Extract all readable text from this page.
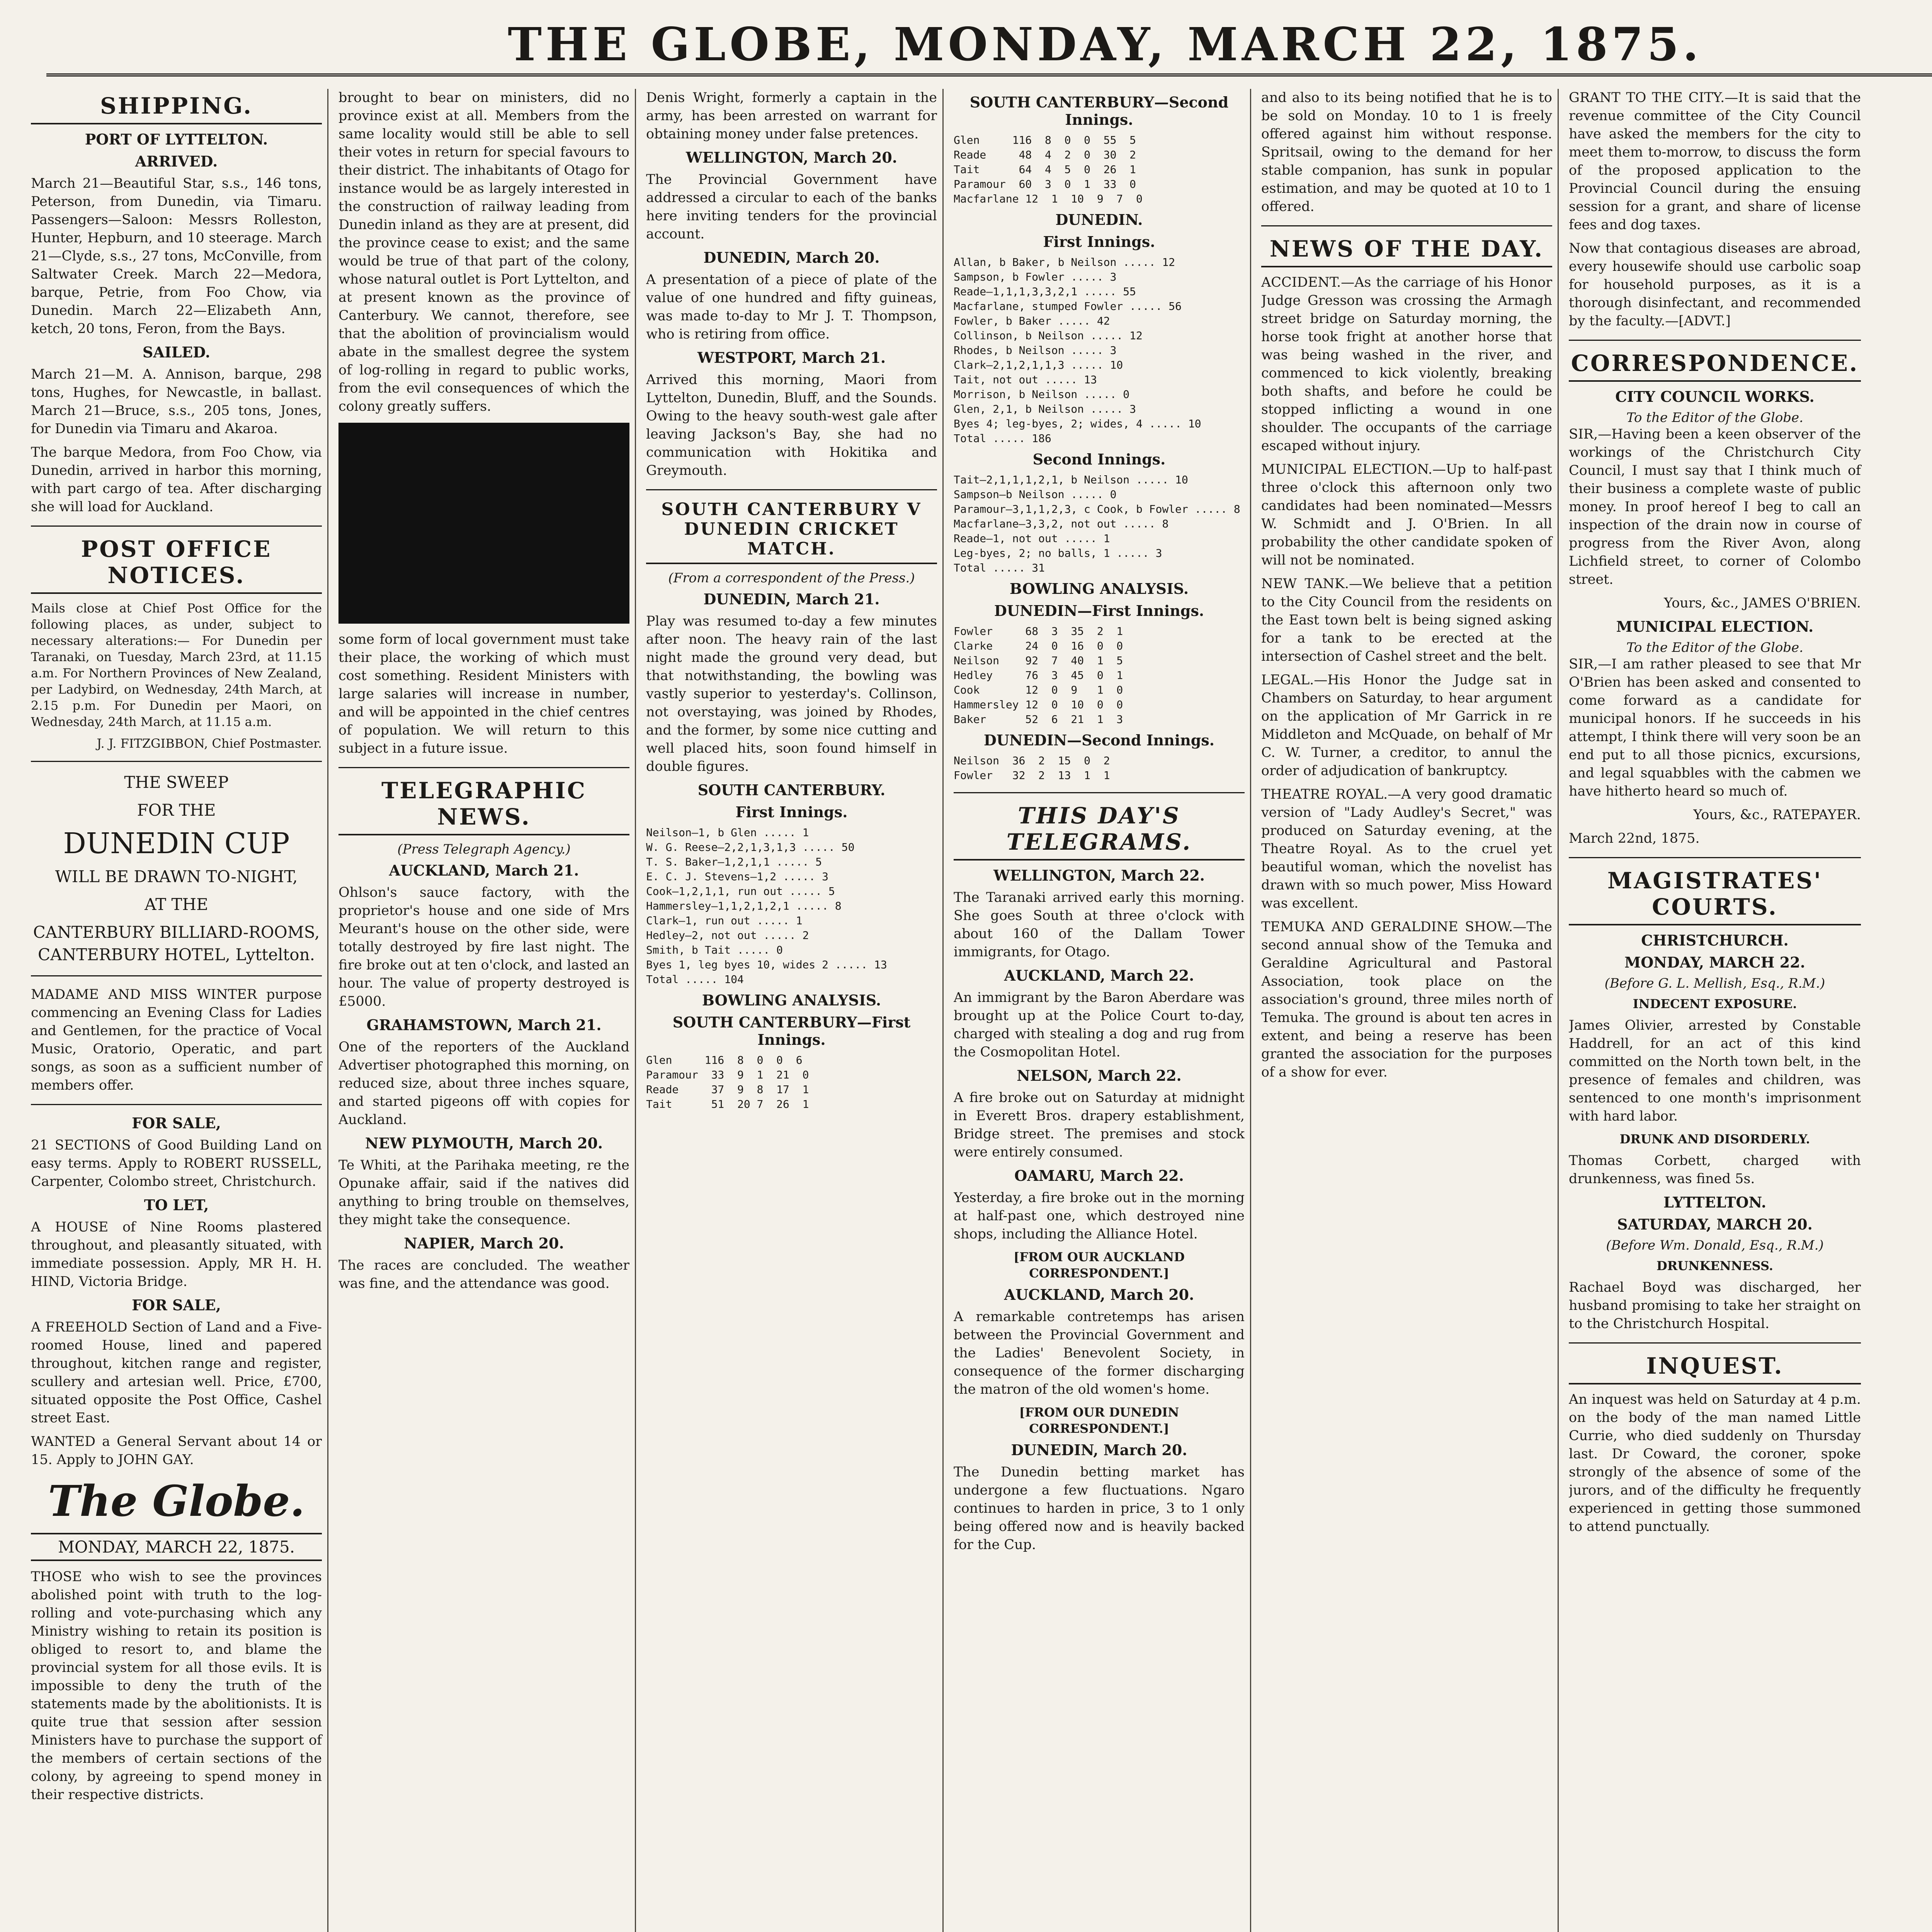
THE GLOBE, MONDAY, MARCH 22, 1875.
SHIPPING.
PORT OF LYTTELTON.
ARRIVED.

March 21—Beautiful Star, s.s., 146 tons, Peterson, from Dunedin, via Timaru. Passengers—Saloon: Messrs Rolleston, Hunter, Hepburn, and 10 steerage. March 21—Clyde, s.s., 27 tons, McConville, from Saltwater Creek. March 22—Medora, barque, Petrie, from Foo Chow, via Dunedin. March 22—Elizabeth Ann, ketch, 20 tons, Feron, from the Bays.

SAILED.

March 21—M. A. Annison, barque, 298 tons, Hughes, for Newcastle, in ballast. March 21—Bruce, s.s., 205 tons, Jones, for Dunedin via Timaru and Akaroa.

The barque Medora, from Foo Chow, via Dunedin, arrived in harbor this morning, with part cargo of tea. After discharging she will load for Auckland.

POST OFFICE NOTICES.

Mails close at Chief Post Office for the following places, as under, subject to necessary alterations:— For Dunedin per Taranaki, on Tuesday, March 23rd, at 11.15 a.m. For Northern Provinces of New Zealand, per Ladybird, on Wednesday, 24th March, at 2.15 p.m. For Dunedin per Maori, on Wednesday, 24th March, at 11.15 a.m.

J. J. FITZGIBBON, Chief Postmaster.

THE SWEEP
FOR THE
DUNEDIN CUP
WILL BE DRAWN TO-NIGHT,
AT THE
CANTERBURY BILLIARD-ROOMS, CANTERBURY HOTEL, Lyttelton.

MADAME AND MISS WINTER purpose commencing an Evening Class for Ladies and Gentlemen, for the practice of Vocal Music, Oratorio, Operatic, and part songs, as soon as a sufficient number of members offer.

FOR SALE,

21 SECTIONS of Good Building Land on easy terms. Apply to ROBERT RUSSELL, Carpenter, Colombo street, Christchurch.

TO LET,

A HOUSE of Nine Rooms plastered throughout, and pleasantly situated, with immediate possession. Apply, MR H. H. HIND, Victoria Bridge.

FOR SALE,

A FREEHOLD Section of Land and a Five-roomed House, lined and papered throughout, kitchen range and register, scullery and artesian well. Price, £700, situated opposite the Post Office, Cashel street East.

WANTED a General Servant about 14 or 15. Apply to JOHN GAY.

The Globe.
MONDAY, MARCH 22, 1875.

THOSE who wish to see the provinces abolished point with truth to the log-rolling and vote-purchasing which any Ministry wishing to retain its position is obliged to resort to, and blame the provincial system for all those evils. It is impossible to deny the truth of the statements made by the abolitionists. It is quite true that session after session Ministers have to purchase the support of the members of certain sections of the colony, by agreeing to spend money in their respective districts.

brought to bear on ministers, did no province exist at all. Members from the same locality would still be able to sell their votes in return for special favours to their district. The inhabitants of Otago for instance would be as largely interested in the construction of railway leading from Dunedin inland as they are at present, did the province cease to exist; and the same would be true of that part of the colony, whose natural outlet is Port Lyttelton, and at present known as the province of Canterbury. We cannot, therefore, see that the abolition of provincialism would abate in the smallest degree the system of log-rolling in regard to public works, from the evil consequences of which the colony greatly suffers.

some form of local government must take their place, the working of which must cost something. Resident Ministers with large salaries will increase in number, and will be appointed in the chief centres of population. We will return to this subject in a future issue.

TELEGRAPHIC NEWS.
(Press Telegraph Agency.)
AUCKLAND, March 21.

Ohlson's sauce factory, with the proprietor's house and one side of Mrs Meurant's house on the other side, were totally destroyed by fire last night. The fire broke out at ten o'clock, and lasted an hour. The value of property destroyed is £5000.

GRAHAMSTOWN, March 21.

One of the reporters of the Auckland Advertiser photographed this morning, on reduced size, about three inches square, and started pigeons off with copies for Auckland.

NEW PLYMOUTH, March 20.

Te Whiti, at the Parihaka meeting, re the Opunake affair, said if the natives did anything to bring trouble on themselves, they might take the consequence.

NAPIER, March 20.

The races are concluded. The weather was fine, and the attendance was good.

Denis Wright, formerly a captain in the army, has been arrested on warrant for obtaining money under false pretences.

WELLINGTON, March 20.

The Provincial Government have addressed a circular to each of the banks here inviting tenders for the provincial account.

DUNEDIN, March 20.

A presentation of a piece of plate of the value of one hundred and fifty guineas, was made to-day to Mr J. T. Thompson, who is retiring from office.

WESTPORT, March 21.

Arrived this morning, Maori from Lyttelton, Dunedin, Bluff, and the Sounds. Owing to the heavy south-west gale after leaving Jackson's Bay, she had no communication with Hokitika and Greymouth.

SOUTH CANTERBURY V DUNEDIN CRICKET MATCH.
(From a correspondent of the Press.)
DUNEDIN, March 21.

Play was resumed to-day a few minutes after noon. The heavy rain of the last night made the ground very dead, but that notwithstanding, the bowling was vastly superior to yesterday's. Collinson, not overstaying, was joined by Rhodes, and the former, by some nice cutting and well placed hits, soon found himself in double figures.

SOUTH CANTERBURY.
First Innings.
Neilson—1, b Glen ..... 1
W. G. Reese—2,2,1,3,1,3 ..... 50
T. S. Baker—1,2,1,1 ..... 5
E. C. J. Stevens—1,2 ..... 3
Cook—1,2,1,1, run out ..... 5
Hammersley—1,1,2,1,2,1 ..... 8
Clark—1, run out ..... 1
Hedley—2, not out ..... 2
Smith, b Tait ..... 0
Byes 1, leg byes 10, wides 2 ..... 13
Total ..... 104
BOWLING ANALYSIS.
SOUTH CANTERBURY—First Innings.
Glen     116  8  0  0  6
Paramour  33  9  1  21  0
Reade     37  9  8  17  1
Tait      51  20 7  26  1
SOUTH CANTERBURY—Second Innings.
Glen     116  8  0  0  55  5
Reade     48  4  2  0  30  2
Tait      64  4  5  0  26  1
Paramour  60  3  0  1  33  0
Macfarlane 12  1  10  9  7  0
DUNEDIN.
First Innings.
Allan, b Baker, b Neilson ..... 12
Sampson, b Fowler ..... 3
Reade—1,1,1,3,3,2,1 ..... 55
Macfarlane, stumped Fowler ..... 56
Fowler, b Baker ..... 42
Collinson, b Neilson ..... 12
Rhodes, b Neilson ..... 3
Clark—2,1,2,1,1,3 ..... 10
Tait, not out ..... 13
Morrison, b Neilson ..... 0
Glen, 2,1, b Neilson ..... 3
Byes 4; leg-byes, 2; wides, 4 ..... 10
Total ..... 186
Second Innings.
Tait—2,1,1,1,2,1, b Neilson ..... 10
Sampson—b Neilson ..... 0
Paramour—3,1,1,2,3, c Cook, b Fowler ..... 8
Macfarlane—3,3,2, not out ..... 8
Reade—1, not out ..... 1
Leg-byes, 2; no balls, 1 ..... 3
Total ..... 31
BOWLING ANALYSIS.
DUNEDIN—First Innings.
Fowler     68  3  35  2  1
Clarke     24  0  16  0  0
Neilson    92  7  40  1  5
Hedley     76  3  45  0  1
Cook       12  0  9   1  0
Hammersley 12  0  10  0  0
Baker      52  6  21  1  3
DUNEDIN—Second Innings.
Neilson  36  2  15  0  2
Fowler   32  2  13  1  1
THIS DAY'S TELEGRAMS.
WELLINGTON, March 22.

The Taranaki arrived early this morning. She goes South at three o'clock with about 160 of the Dallam Tower immigrants, for Otago.

AUCKLAND, March 22.

An immigrant by the Baron Aberdare was brought up at the Police Court to-day, charged with stealing a dog and rug from the Cosmopolitan Hotel.

NELSON, March 22.

A fire broke out on Saturday at midnight in Everett Bros. drapery establishment, Bridge street. The premises and stock were entirely consumed.

OAMARU, March 22.

Yesterday, a fire broke out in the morning at half-past one, which destroyed nine shops, including the Alliance Hotel.

[FROM OUR AUCKLAND CORRESPONDENT.]
AUCKLAND, March 20.

A remarkable contretemps has arisen between the Provincial Government and the Ladies' Benevolent Society, in consequence of the former discharging the matron of the old women's home.

[FROM OUR DUNEDIN CORRESPONDENT.]
DUNEDIN, March 20.

The Dunedin betting market has undergone a few fluctuations. Ngaro continues to harden in price, 3 to 1 only being offered now and is heavily backed for the Cup.

and also to its being notified that he is to be sold on Monday. 10 to 1 is freely offered against him without response. Spritsail, owing to the demand for her stable companion, has sunk in popular estimation, and may be quoted at 10 to 1 offered.

NEWS OF THE DAY.

ACCIDENT.—As the carriage of his Honor Judge Gresson was crossing the Armagh street bridge on Saturday morning, the horse took fright at another horse that was being washed in the river, and commenced to kick violently, breaking both shafts, and before he could be stopped inflicting a wound in one shoulder. The occupants of the carriage escaped without injury.

MUNICIPAL ELECTION.—Up to half-past three o'clock this afternoon only two candidates had been nominated—Messrs W. Schmidt and J. O'Brien. In all probability the other candidate spoken of will not be nominated.

NEW TANK.—We believe that a petition to the City Council from the residents on the East town belt is being signed asking for a tank to be erected at the intersection of Cashel street and the belt.

LEGAL.—His Honor the Judge sat in Chambers on Saturday, to hear argument on the application of Mr Garrick in re Middleton and McQuade, on behalf of Mr C. W. Turner, a creditor, to annul the order of adjudication of bankruptcy.

THEATRE ROYAL.—A very good dramatic version of "Lady Audley's Secret," was produced on Saturday evening, at the Theatre Royal. As to the cruel yet beautiful woman, which the novelist has drawn with so much power, Miss Howard was excellent.

TEMUKA AND GERALDINE SHOW.—The second annual show of the Temuka and Geraldine Agricultural and Pastoral Association, took place on the association's ground, three miles north of Temuka. The ground is about ten acres in extent, and being a reserve has been granted the association for the purposes of a show for ever.

GRANT TO THE CITY.—It is said that the revenue committee of the City Council have asked the members for the city to meet them to-morrow, to discuss the form of the proposed application to the Provincial Council during the ensuing session for a grant, and share of license fees and dog taxes.

Now that contagious diseases are abroad, every housewife should use carbolic soap for household purposes, as it is a thorough disinfectant, and recommended by the faculty.—[ADVT.]

CORRESPONDENCE.
CITY COUNCIL WORKS.
To the Editor of the Globe.

SIR,—Having been a keen observer of the workings of the Christchurch City Council, I must say that I think much of their business a complete waste of public money. In proof hereof I beg to call an inspection of the drain now in course of progress from the River Avon, along Lichfield street, to corner of Colombo street.

Yours, &c., JAMES O'BRIEN.

MUNICIPAL ELECTION.
To the Editor of the Globe.

SIR,—I am rather pleased to see that Mr O'Brien has been asked and consented to come forward as a candidate for municipal honors. If he succeeds in his attempt, I think there will very soon be an end put to all those picnics, excursions, and legal squabbles with the cabmen we have hitherto heard so much of.

Yours, &c., RATEPAYER.

March 22nd, 1875.

MAGISTRATES' COURTS.
CHRISTCHURCH.
MONDAY, MARCH 22.
(Before G. L. Mellish, Esq., R.M.)
INDECENT EXPOSURE.

James Olivier, arrested by Constable Haddrell, for an act of this kind committed on the North town belt, in the presence of females and children, was sentenced to one month's imprisonment with hard labor.

DRUNK AND DISORDERLY.

Thomas Corbett, charged with drunkenness, was fined 5s.

LYTTELTON.
SATURDAY, MARCH 20.
(Before Wm. Donald, Esq., R.M.)
DRUNKENNESS.

Rachael Boyd was discharged, her husband promising to take her straight on to the Christchurch Hospital.

INQUEST.

An inquest was held on Saturday at 4 p.m. on the body of the man named Little Currie, who died suddenly on Thursday last. Dr Coward, the coroner, spoke strongly of the absence of some of the jurors, and of the difficulty he frequently experienced in getting those summoned to attend punctually.
